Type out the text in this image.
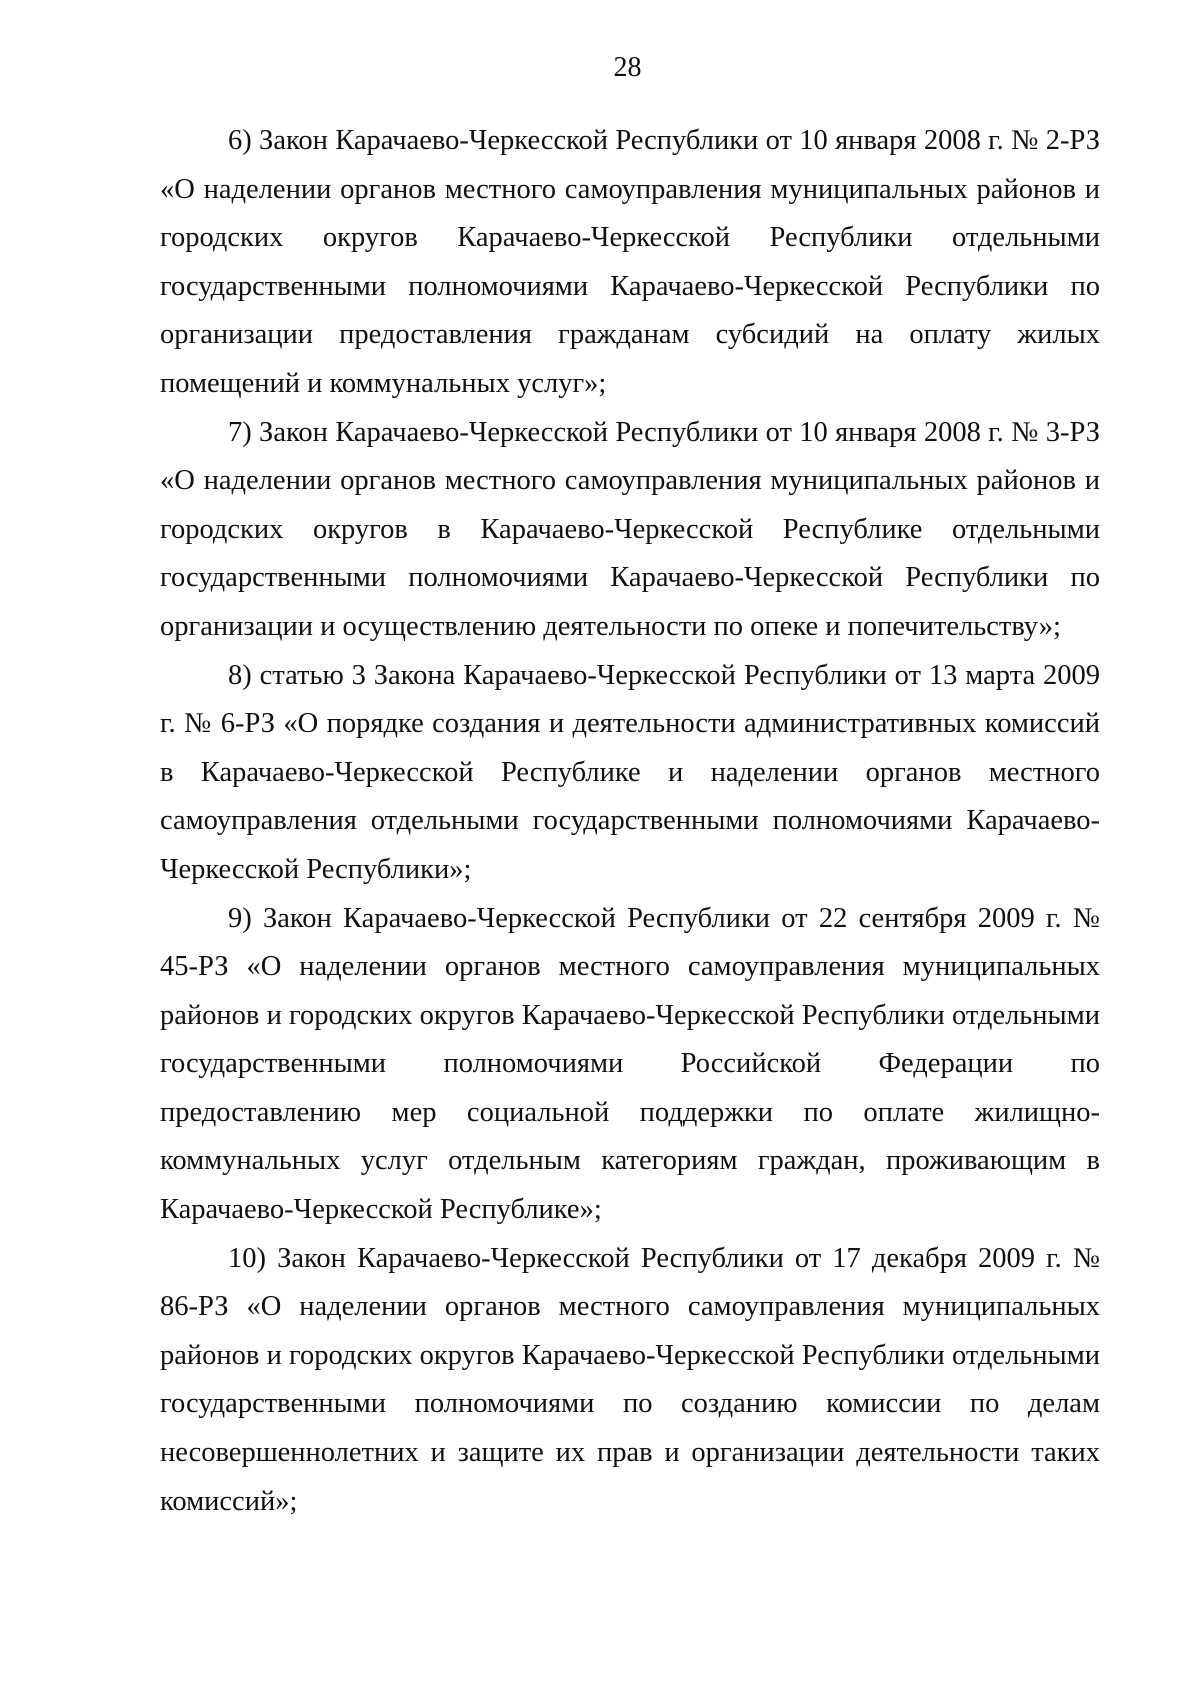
28

6) Закон Карачаево-Черкесской Республики от 10 января 2008 г. № 2-РЗ «О наделении органов местного самоуправления муниципальных районов и городских округов Карачаево-Черкесской Республики отдельными государственными полномочиями Карачаево-Черкесской Республики по организации предоставления гражданам субсидий на оплату жилых помещений и коммунальных услуг»;

7) Закон Карачаево-Черкесской Республики от 10 января 2008 г. № 3-РЗ «О наделении органов местного самоуправления муниципальных районов и городских округов в Карачаево-Черкесской Республике отдельными государственными полномочиями Карачаево-Черкесской Республики по организации и осуществлению деятельности по опеке и попечительству»;

8) статью 3 Закона Карачаево-Черкесской Республики от 13 марта 2009 г. № 6-РЗ «О порядке создания и деятельности административных комиссий в Карачаево-Черкесской Республике и наделении органов местного самоуправления отдельными государственными полномочиями Карачаево-Черкесской Республики»;

9) Закон Карачаево-Черкесской Республики от 22 сентября 2009 г. № 45-РЗ «О наделении органов местного самоуправления муниципальных районов и городских округов Карачаево-Черкесской Республики отдельными государственными полномочиями Российской Федерации по предоставлению мер социальной поддержки по оплате жилищно-коммунальных услуг отдельным категориям граждан, проживающим в Карачаево-Черкесской Республике»;

10) Закон Карачаево-Черкесской Республики от 17 декабря 2009 г. № 86-РЗ «О наделении органов местного самоуправления муниципальных районов и городских округов Карачаево-Черкесской Республики отдельными государственными полномочиями по созданию комиссии по делам несовершеннолетних и защите их прав и организации деятельности таких комиссий»;
